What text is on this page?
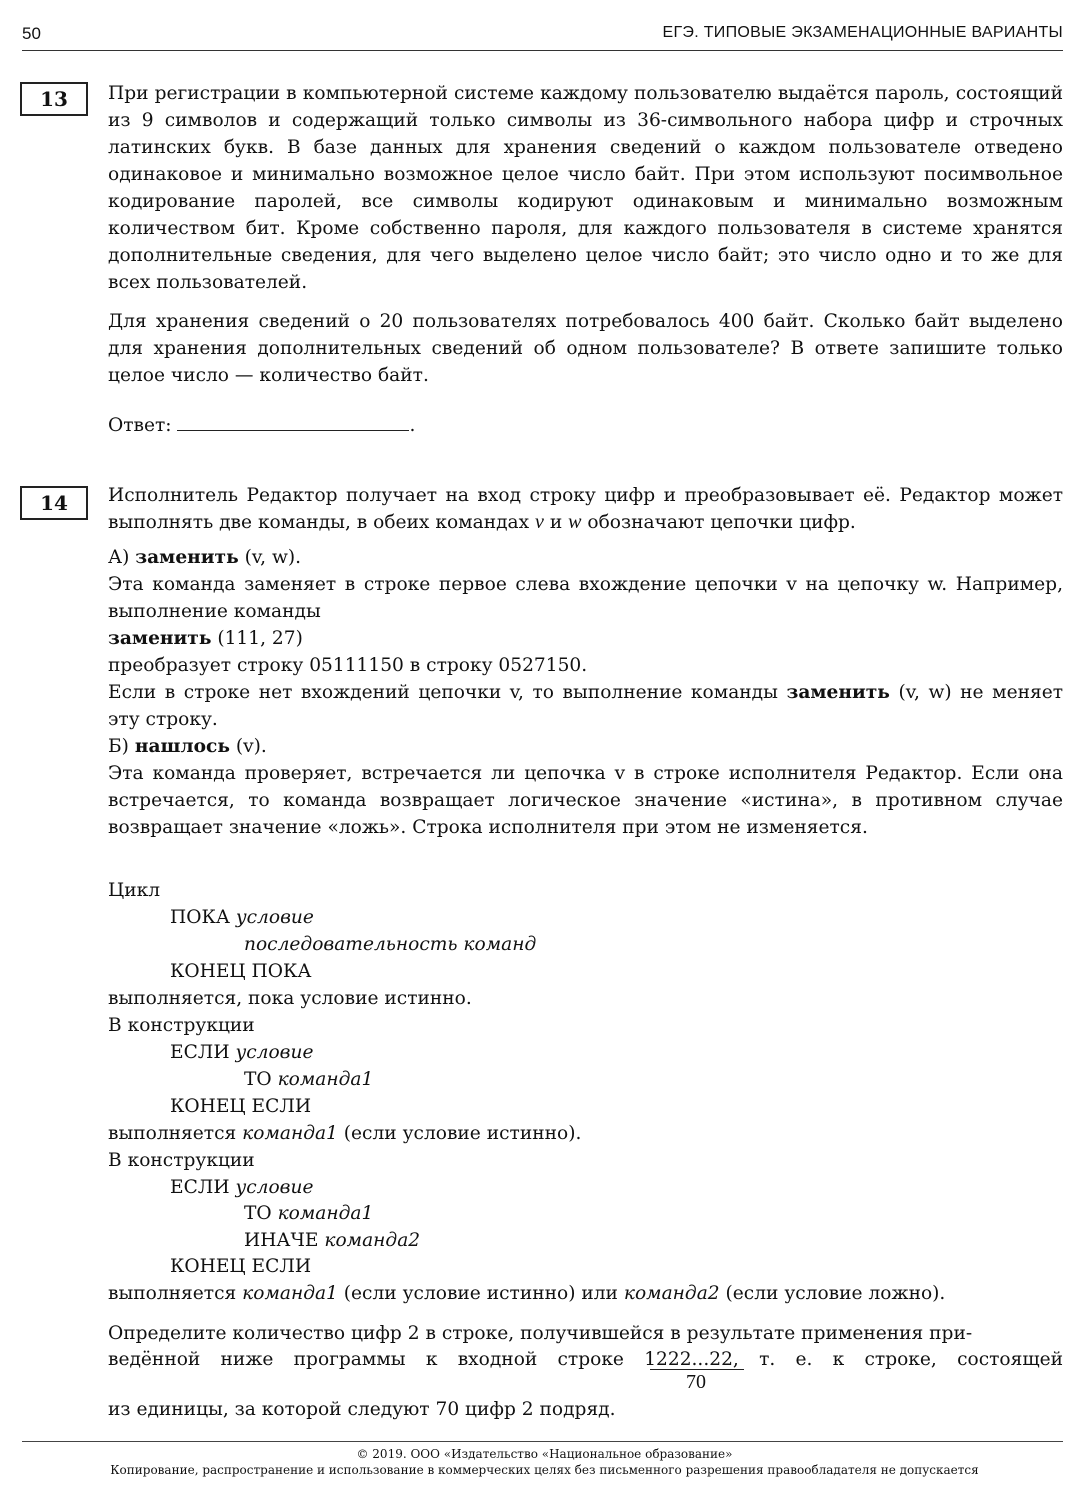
50	ЕГЭ. ТИПОВЫЕ ЭКЗАМЕНАЦИОННЫЕ ВАРИАНТЫ
13	При регистрации в компьютерной системе каждому пользователю выдаётся пароль, состоящий из 9 символов и содержащий только символы из 36-символьного набора цифр и строчных латинских букв. В базе данных для хранения сведений о каждом пользователе отведено одинаковое и минимально возможное целое число байт. При этом используют посимвольное кодирование паролей, все символы кодируют одинаковым и минимально возможным количеством бит. Кроме собственно пароля, для каждого пользователя в системе хранятся дополнительные сведения, для чего выделено целое число байт; это число одно и то же для всех пользователей.

Для хранения сведений о 20 пользователях потребовалось 400 байт. Сколько байт выделено для хранения дополнительных сведений об одном пользователе? В ответе запишите только целое число — количество байт.

Ответ:	.
14	Исполнитель Редактор получает на вход строку цифр и преобразовывает её. Редактор может выполнять две команды, в обеих командах v и w обозначают цепочки цифр.

А) заменить (v, w).

Эта команда заменяет в строке первое слева вхождение цепочки v на цепочку w. Например, выполнение команды

заменить (111, 27)
преобразует строку 05111150 в строку 0527150.

Если в строке нет вхождений цепочки v, то выполнение команды заменить (v, w) не меняет эту строку.

Б) нашлось (v).

Эта команда проверяет, встречается ли цепочка v в строке исполнителя Редактор. Если она встречается, то команда возвращает логическое значение «истина», в противном случае возвращает значение «ложь». Строка исполнителя при этом не изменяется.

Цикл
ПОКА условие
последовательность команд
КОНЕЦ ПОКА
выполняется, пока условие истинно.
В конструкции
ЕСЛИ условие
ТО команда1
КОНЕЦ ЕСЛИ
выполняется команда1 (если условие истинно).
В конструкции
ЕСЛИ условие
ТО команда1
ИНАЧЕ команда2
КОНЕЦ ЕСЛИ
выполняется команда1 (если условие истинно) или команда2 (если условие ложно).

Определите количество цифр 2 в строке, получившейся в результате применения при-

ведённой ниже программы к входной строке 1222...22, т. е. к строке, состоящей
70
из единицы, за которой следуют 70 цифр 2 подряд.
© 2019. ООО «Издательство «Национальное образование»
Копирование, распространение и использование в коммерческих целях без письменного разрешения правообладателя не допускается
